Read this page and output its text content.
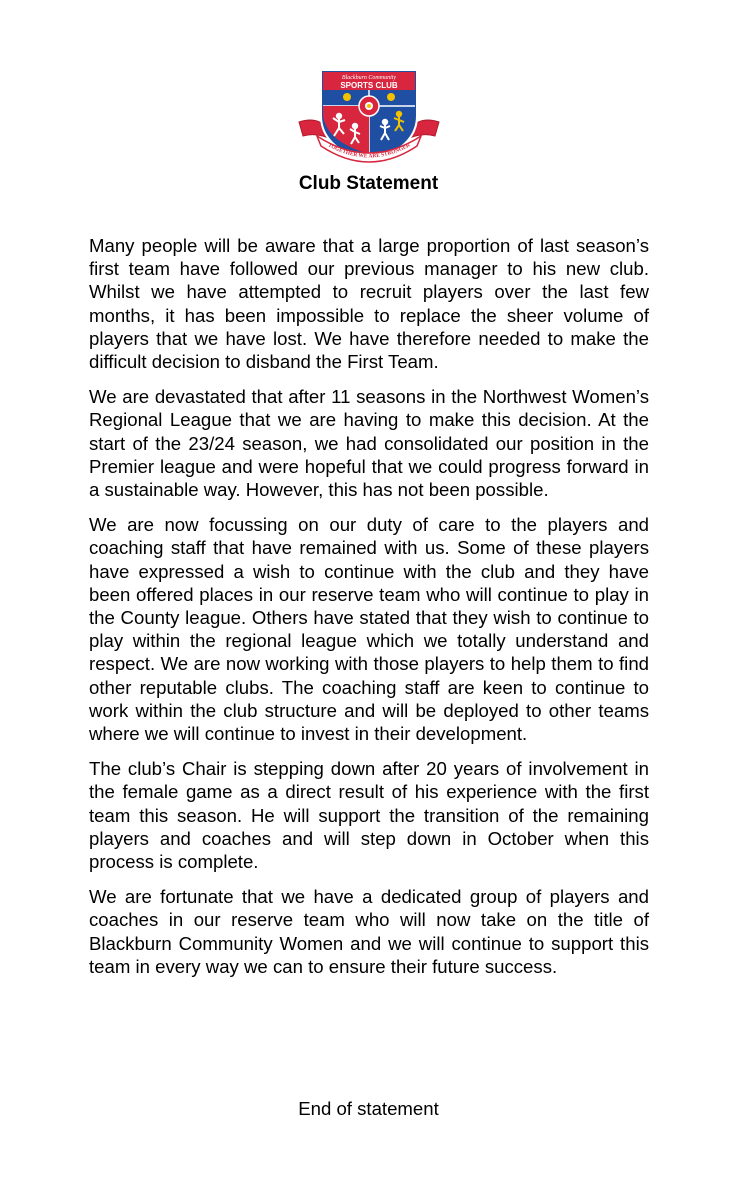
Blackburn Community
SPORTS CLUB
TOGETHER WE ARE STRONGER
Club Statement

Many people will be aware that a large proportion of last season’s first team have followed our previous manager to his new club. Whilst we have attempted to recruit players over the last few months, it has been impossible to replace the sheer volume of players that we have lost. We have therefore needed to make the difficult decision to disband the First Team.

We are devastated that after 11 seasons in the Northwest Women’s Regional League that we are having to make this decision. At the start of the 23/24 season, we had consolidated our position in the Premier league and were hopeful that we could progress forward in a sustainable way. However, this has not been possible.

We are now focussing on our duty of care to the players and coaching staff that have remained with us. Some of these players have expressed a wish to continue with the club and they have been offered places in our reserve team who will continue to play in the County league. Others have stated that they wish to continue to play within the regional league which we totally understand and respect. We are now working with those players to help them to find other reputable clubs. The coaching staff are keen to continue to work within the club structure and will be deployed to other teams where we will continue to invest in their development.

The club’s Chair is stepping down after 20 years of involvement in the female game as a direct result of his experience with the first team this season. He will support the transition of the remaining players and coaches and will step down in October when this process is complete.

We are fortunate that we have a dedicated group of players and coaches in our reserve team who will now take on the title of Blackburn Community Women and we will continue to support this team in every way we can to ensure their future success.

End of statement
